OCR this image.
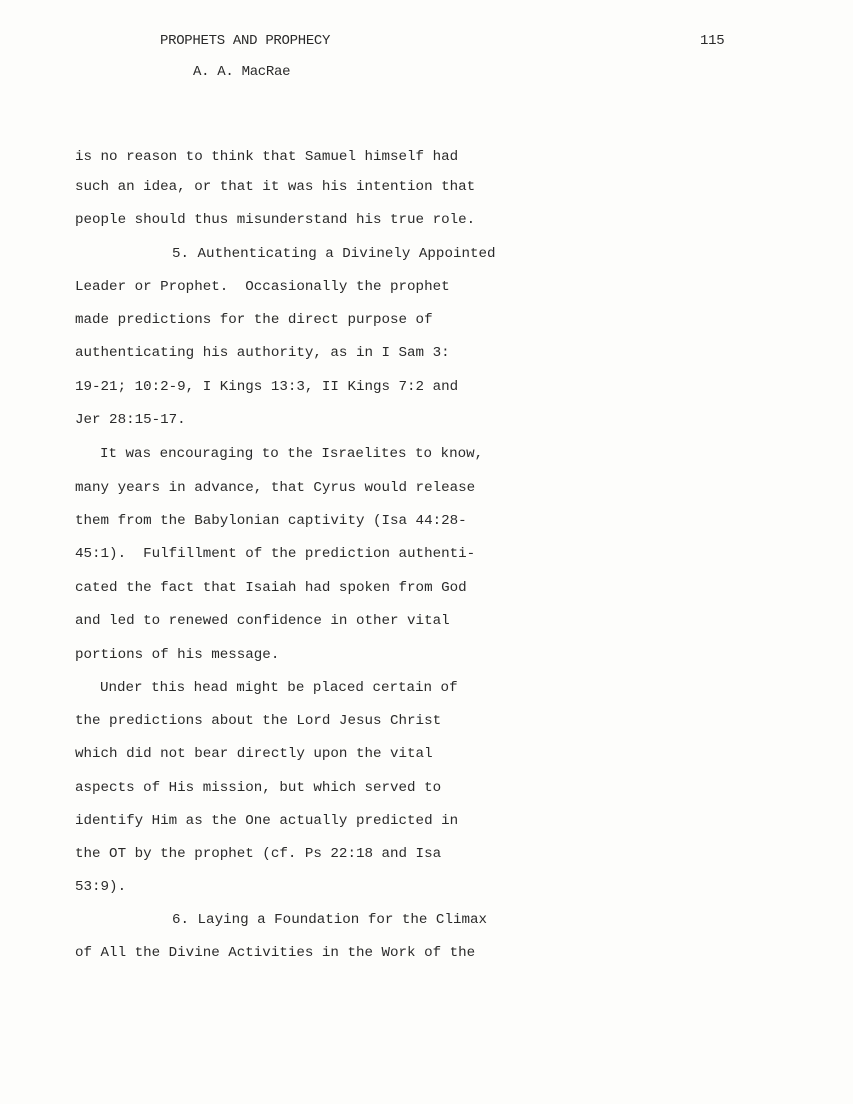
PROPHETS AND PROPHECY
A. A. MacRae
115
is no reason to think that Samuel himself had
such an idea, or that it was his intention that
people should thus misunderstand his true role.
5. Authenticating a Divinely Appointed
Leader or Prophet.  Occasionally the prophet
made predictions for the direct purpose of
authenticating his authority, as in I Sam 3:
19-21; 10:2-9, I Kings 13:3, II Kings 7:2 and
Jer 28:15-17.
It was encouraging to the Israelites to know,
many years in advance, that Cyrus would release
them from the Babylonian captivity (Isa 44:28-
45:1).  Fulfillment of the prediction authenti-
cated the fact that Isaiah had spoken from God
and led to renewed confidence in other vital
portions of his message.
Under this head might be placed certain of
the predictions about the Lord Jesus Christ
which did not bear directly upon the vital
aspects of His mission, but which served to
identify Him as the One actually predicted in
the OT by the prophet (cf. Ps 22:18 and Isa
53:9).
6. Laying a Foundation for the Climax
of All the Divine Activities in the Work of the
